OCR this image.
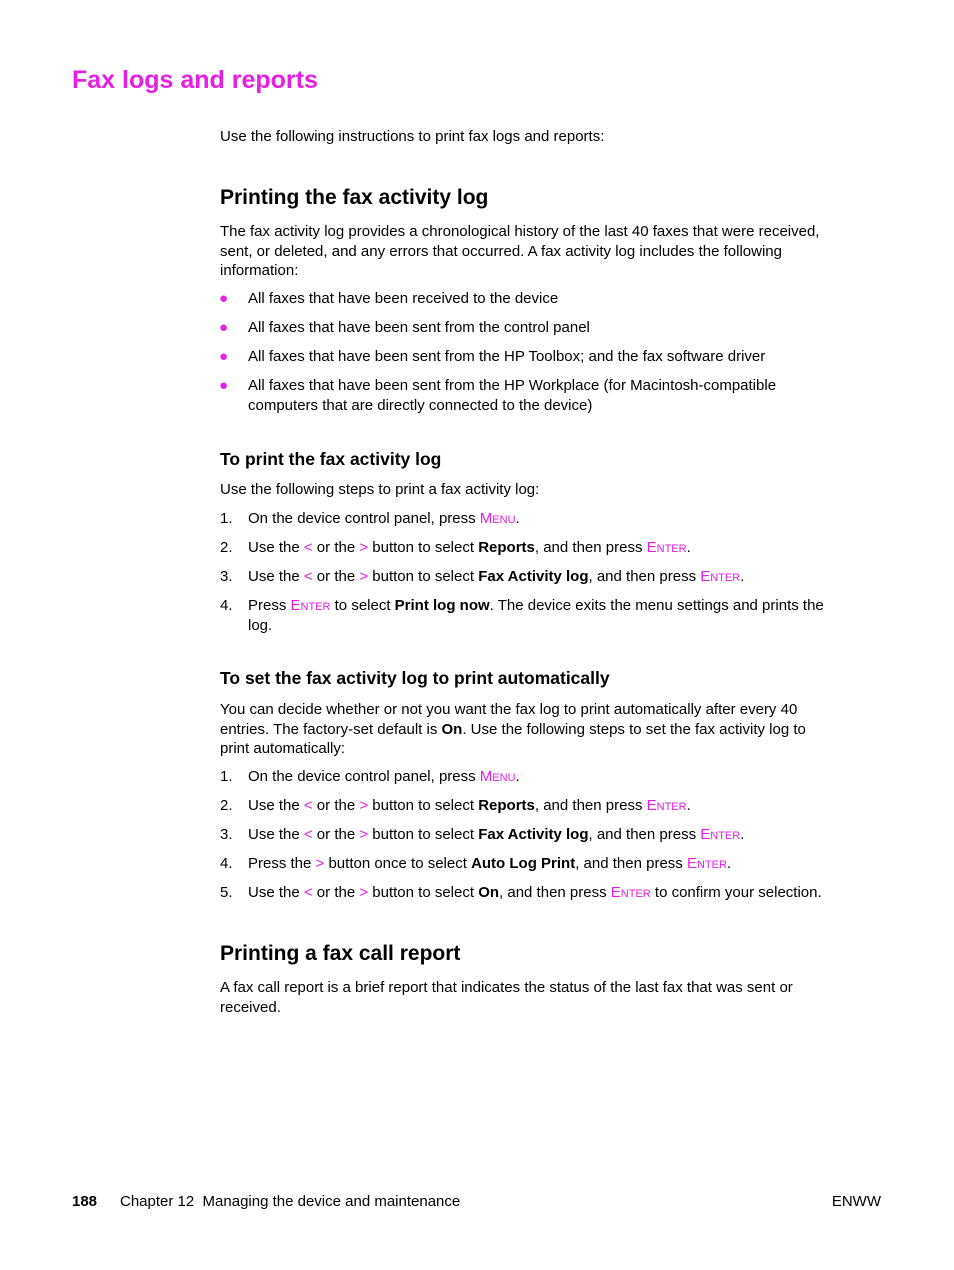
Fax logs and reports

Use the following instructions to print fax logs and reports:

Printing the fax activity log
The fax activity log provides a chronological history of the last 40 faxes that were received,
sent, or deleted, and any errors that occurred. A fax activity log includes the following
information:
● All faxes that have been received to the device
● All faxes that have been sent from the control panel
● All faxes that have been sent from the HP Toolbox; and the fax software driver
● All faxes that have been sent from the HP Workplace (for Macintosh-compatible
computers that are directly connected to the device)
To print the fax activity log

Use the following steps to print a fax activity log:

1. On the device control panel, press Menu.
2. Use the < or the > button to select Reports, and then press Enter.
3. Use the < or the > button to select Fax Activity log, and then press Enter.
4. Press Enter to select Print log now. The device exits the menu settings and prints the
log.
To set the fax activity log to print automatically
You can decide whether or not you want the fax log to print automatically after every 40
entries. The factory-set default is On. Use the following steps to set the fax activity log to
print automatically:
1. On the device control panel, press Menu.
2. Use the < or the > button to select Reports, and then press Enter.
3. Use the < or the > button to select Fax Activity log, and then press Enter.
4. Press the > button once to select Auto Log Print, and then press Enter.
5. Use the < or the > button to select On, and then press Enter to confirm your selection.
Printing a fax call report
A fax call report is a brief report that indicates the status of the last fax that was sent or
received.
188 Chapter 12  Managing the device and maintenance	ENWW
